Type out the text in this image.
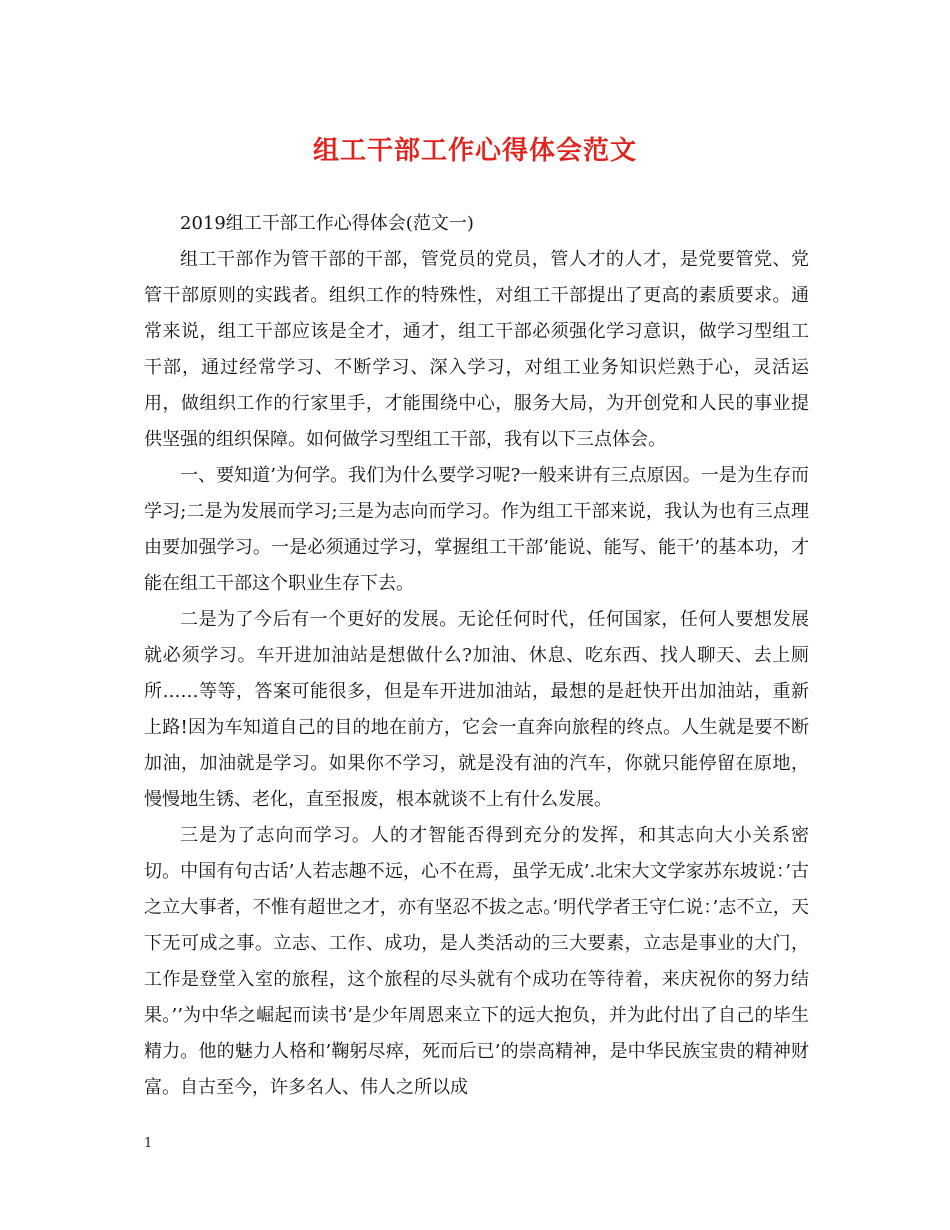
组工干部工作心得体会范文

2019组工干部工作心得体会(范文一)

组工干部作为管干部的干部，管党员的党员，管人才的人才，是党要管党、党管干部原则的实践者。组织工作的特殊性，对组工干部提出了更高的素质要求。通常来说，组工干部应该是全才，通才，组工干部必须强化学习意识，做学习型组工干部，通过经常学习、不断学习、深入学习，对组工业务知识烂熟于心，灵活运用，做组织工作的行家里手，才能围绕中心，服务大局，为开创党和人民的事业提供坚强的组织保障。如何做学习型组工干部，我有以下三点体会。

一、要知道’为何学。我们为什么要学习呢?一般来讲有三点原因。一是为生存而学习;二是为发展而学习;三是为志向而学习。作为组工干部来说，我认为也有三点理由要加强学习。一是必须通过学习，掌握组工干部’能说、能写、能干’的基本功，才能在组工干部这个职业生存下去。

二是为了今后有一个更好的发展。无论任何时代，任何国家，任何人要想发展就必须学习。车开进加油站是想做什么?加油、休息、吃东西、找人聊天、去上厕所……等等，答案可能很多，但是车开进加油站，最想的是赶快开出加油站，重新上路!因为车知道自己的目的地在前方，它会一直奔向旅程的终点。人生就是要不断加油，加油就是学习。如果你不学习，就是没有油的汽车，你就只能停留在原地，慢慢地生锈、老化，直至报废，根本就谈不上有什么发展。

三是为了志向而学习。人的才智能否得到充分的发挥，和其志向大小关系密切。中国有句古话’人若志趣不远，心不在焉，虽学无成’.北宋大文学家苏东坡说：’古之立大事者，不惟有超世之才，亦有坚忍不拔之志。’明代学者王守仁说：’志不立，天下无可成之事。立志、工作、成功，是人类活动的三大要素，立志是事业的大门，工作是登堂入室的旅程，这个旅程的尽头就有个成功在等待着，来庆祝你的努力结果。’’为中华之崛起而读书’是少年周恩来立下的远大抱负，并为此付出了自己的毕生精力。他的魅力人格和’鞠躬尽瘁，死而后已’的崇高精神，是中华民族宝贵的精神财富。自古至今，许多名人、伟人之所以成

1
